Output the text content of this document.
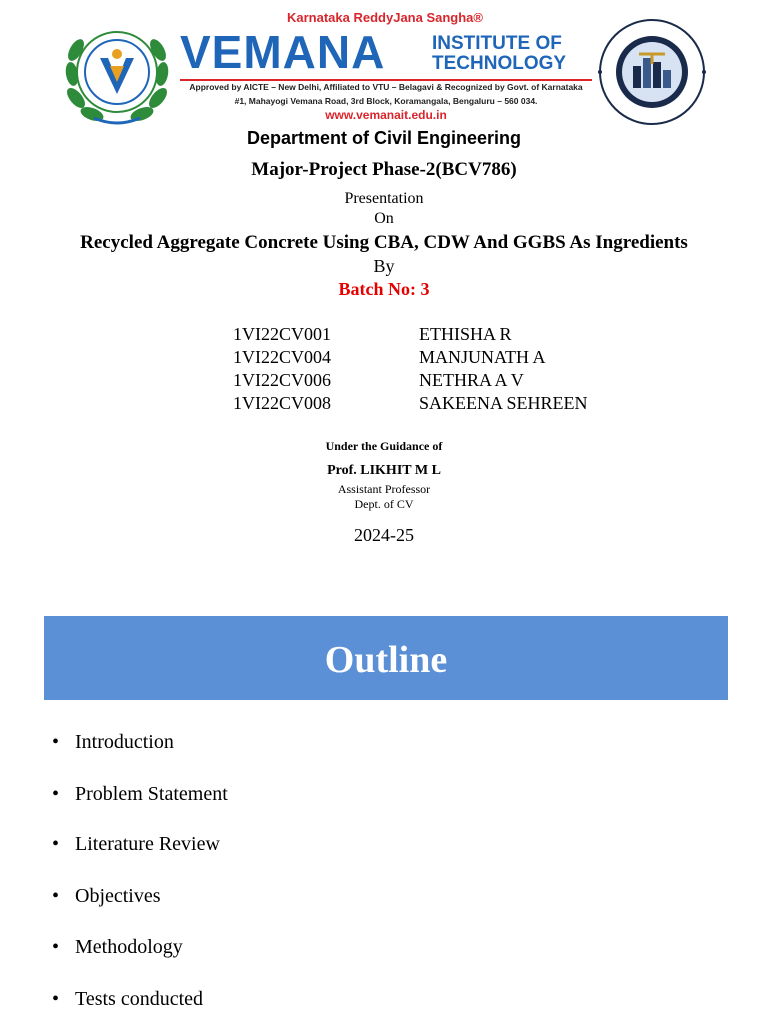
Karnataka ReddyJana Sangha®
VEMANA INSTITUTE OF
TECHNOLOGY
Approved by AICTE – New Delhi, Affiliated to VTU – Belagavi & Recognized by Govt. of Karnataka
#1, Mahayogi Vemana Road, 3rd Block, Koramangala, Bengaluru – 560 034.
www.vemanait.edu.in
Department of Civil Engineering
Major-Project Phase-2(BCV786)
Presentation
On
Recycled Aggregate Concrete Using CBA, CDW And GGBS As Ingredients
By
Batch No: 3
1VI22CV001	ETHISHA R
1VI22CV004	MANJUNATH A
1VI22CV006	NETHRA A V
1VI22CV008	SAKEENA SEHREEN
Under the Guidance of
Prof. LIKHIT M L
Assistant Professor
Dept. of CV
2024-25
Outline
• Introduction
• Problem Statement
• Literature Review
• Objectives
• Methodology
• Tests conducted
